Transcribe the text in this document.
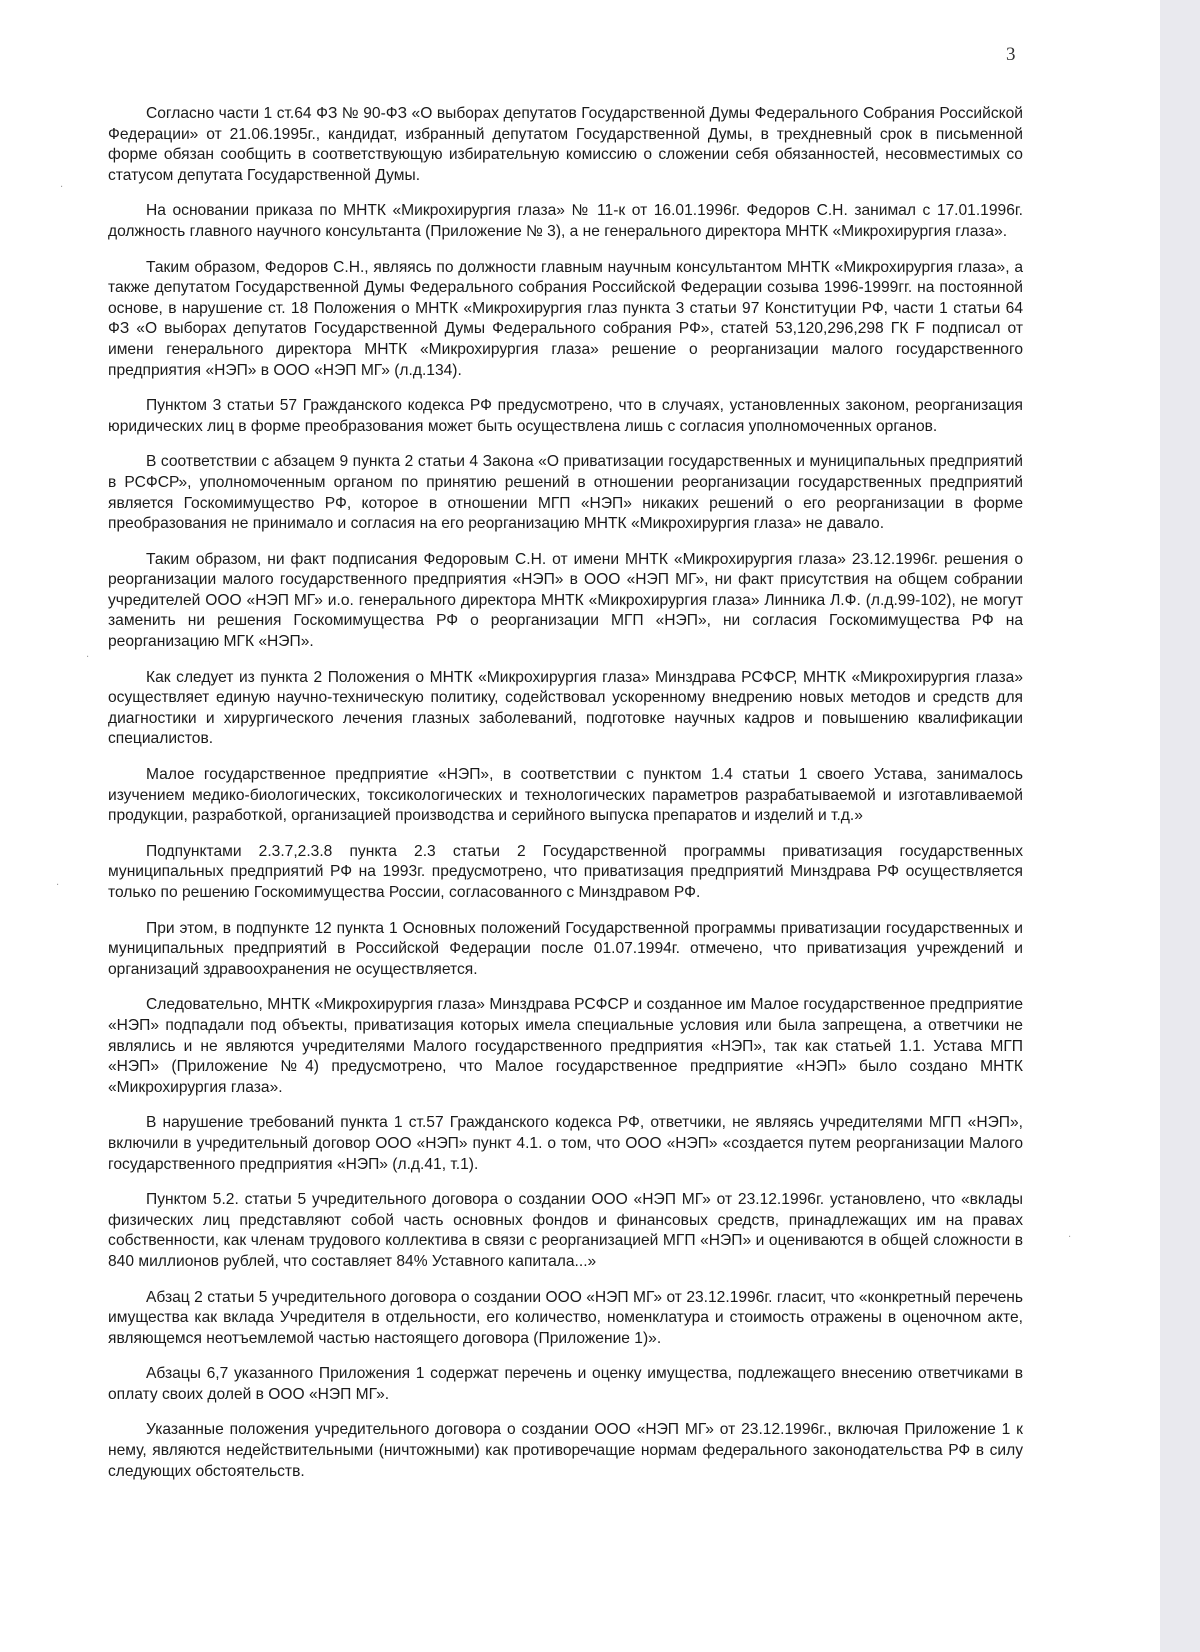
3

Согласно части 1 ст.64 ФЗ № 90-ФЗ «О выборах депутатов Государственной Думы Федерального Собрания Российской Федерации» от 21.06.1995г., кандидат, избранный депутатом Государственной Думы, в трехдневный срок в письменной форме обязан сообщить в соответствующую избирательную комиссию о сложении себя обязанностей, несовместимых со статусом депутата Государственной Думы.

На основании приказа по МНТК «Микрохирургия глаза» № 11-к от 16.01.1996г. Федоров С.Н. занимал с 17.01.1996г. должность главного научного консультанта (Приложение № 3), а не генерального директора МНТК «Микрохирургия глаза».

Таким образом, Федоров С.Н., являясь по должности главным научным консультантом МНТК «Микрохирургия глаза», а также депутатом Государственной Думы Федерального собрания Российской Федерации созыва 1996-1999гг. на постоянной основе, в нарушение ст. 18 Положения о МНТК «Микрохирургия глаз пункта 3 статьи 97 Конституции РФ, части 1 статьи 64 ФЗ «О выборах депутатов Государственной Думы Федерального собрания РФ», статей 53,120,296,298 ГК F подписал от имени генерального директора МНТК «Микрохирургия глаза» решение о реорганизации малого государственного предприятия «НЭП» в ООО «НЭП МГ» (л.д.134).

Пунктом 3 статьи 57 Гражданского кодекса РФ предусмотрено, что в случаях, установленных законом, реорганизация юридических лиц в форме преобразования может быть осуществлена лишь с согласия уполномоченных органов.

В соответствии с абзацем 9 пункта 2 статьи 4 Закона «О приватизации государственных и муниципальных предприятий в РСФСР», уполномоченным органом по принятию решений в отношении реорганизации государственных предприятий является Госкомимущество РФ, которое в отношении МГП «НЭП» никаких решений о его реорганизации в форме преобразования не принимало и согласия на его реорганизацию МНТК «Микрохирургия глаза» не давало.

Таким образом, ни факт подписания Федоровым С.Н. от имени МНТК «Микрохирургия глаза» 23.12.1996г. решения о реорганизации малого государственного предприятия «НЭП» в ООО «НЭП МГ», ни факт присутствия на общем собрании учредителей ООО «НЭП МГ» и.о. генерального директора МНТК «Микрохирургия глаза» Линника Л.Ф. (л.д.99-102), не могут заменить ни решения Госкомимущества РФ о реорганизации МГП «НЭП», ни согласия Госкомимущества РФ на реорганизацию МГК «НЭП».

Как следует из пункта 2 Положения о МНТК «Микрохирургия глаза» Минздрава РСФСР, МНТК «Микрохирургия глаза» осуществляет единую научно-техническую политику, содействовал ускоренному внедрению новых методов и средств для диагностики и хирургического лечения глазных заболеваний, подготовке научных кадров и повышению квалификации специалистов.

Малое государственное предприятие «НЭП», в соответствии с пунктом 1.4 статьи 1 своего Устава, занималось изучением медико-биологических, токсикологических и технологических параметров разрабатываемой и изготавливаемой продукции, разработкой, организацией производства и серийного выпуска препаратов и изделий и т.д.»

Подпунктами 2.3.7,2.3.8 пункта 2.3 статьи 2 Государственной программы приватизация государственных муниципальных предприятий РФ на 1993г. предусмотрено, что приватизация предприятий Минздрава РФ осуществляется только по решению Госкомимущества России, согласованного с Минздравом РФ.

При этом, в подпункте 12 пункта 1 Основных положений Государственной программы приватизации государственных и муниципальных предприятий в Российской Федерации после 01.07.1994г. отмечено, что приватизация учреждений и организаций здравоохранения не осуществляется.

Следовательно, МНТК «Микрохирургия глаза» Минздрава РСФСР и созданное им Малое государственное предприятие «НЭП» подпадали под объекты, приватизация которых имела специальные условия или была запрещена, а ответчики не являлись и не являются учредителями Малого государственного предприятия «НЭП», так как статьей 1.1. Устава МГП «НЭП» (Приложение №4) предусмотрено, что Малое государственное предприятие «НЭП» было создано МНТК «Микрохирургия глаза».

В нарушение требований пункта 1 ст.57 Гражданского кодекса РФ, ответчики, не являясь учредителями МГП «НЭП», включили в учредительный договор ООО «НЭП» пункт 4.1. о том, что ООО «НЭП» «создается путем реорганизации Малого государственного предприятия «НЭП» (л.д.41, т.1).

Пунктом 5.2. статьи 5 учредительного договора о создании ООО «НЭП МГ» от 23.12.1996г. установлено, что «вклады физических лиц представляют собой часть основных фондов и финансовых средств, принадлежащих им на правах собственности, как членам трудового коллектива в связи с реорганизацией МГП «НЭП» и оцениваются в общей сложности в 840 миллионов рублей, что составляет 84% Уставного капитала...»

Абзац 2 статьи 5 учредительного договора о создании ООО «НЭП МГ» от 23.12.1996г. гласит, что «конкретный перечень имущества как вклада Учредителя в отдельности, его количество, номенклатура и стоимость отражены в оценочном акте, являющемся неотъемлемой частью настоящего договора (Приложение 1)».

Абзацы 6,7 указанного Приложения 1 содержат перечень и оценку имущества, подлежащего внесению ответчиками в оплату своих долей в ООО «НЭП МГ».

Указанные положения учредительного договора о создании ООО «НЭП МГ» от 23.12.1996г., включая Приложение 1 к нему, являются недействительными (ничтожными) как противоречащие нормам федерального законодательства РФ в силу следующих обстоятельств.

·
·
·
·
